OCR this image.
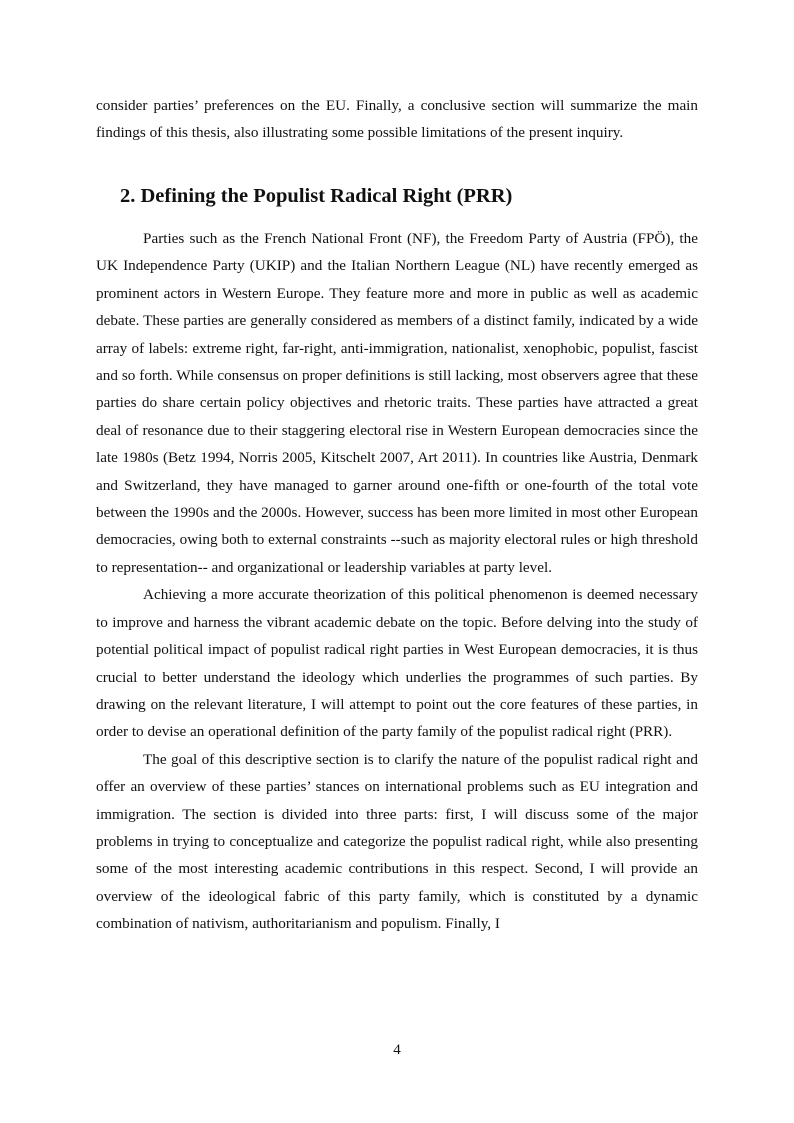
consider parties’ preferences on the EU. Finally, a conclusive section will summarize the main findings of this thesis, also illustrating some possible limitations of the present inquiry.

2. Defining the Populist Radical Right (PRR)

Parties such as the French National Front (NF), the Freedom Party of Austria (FPÖ), the UK Independence Party (UKIP) and the Italian Northern League (NL) have recently emerged as prominent actors in Western Europe. They feature more and more in public as well as academic debate. These parties are generally considered as members of a distinct family, indicated by a wide array of labels: extreme right, far-right, anti-immigration, nationalist, xenophobic, populist, fascist and so forth. While consensus on proper definitions is still lacking, most observers agree that these parties do share certain policy objectives and rhetoric traits. These parties have attracted a great deal of resonance due to their staggering electoral rise in Western European democracies since the late 1980s (Betz 1994, Norris 2005, Kitschelt 2007, Art 2011). In countries like Austria, Denmark and Switzerland, they have managed to garner around one-fifth or one-fourth of the total vote between the 1990s and the 2000s. However, success has been more limited in most other European democracies, owing both to external constraints --such as majority electoral rules or high threshold to representation-- and organizational or leadership variables at party level.

Achieving a more accurate theorization of this political phenomenon is deemed necessary to improve and harness the vibrant academic debate on the topic. Before delving into the study of potential political impact of populist radical right parties in West European democracies, it is thus crucial to better understand the ideology which underlies the programmes of such parties. By drawing on the relevant literature, I will attempt to point out the core features of these parties, in order to devise an operational definition of the party family of the populist radical right (PRR).

The goal of this descriptive section is to clarify the nature of the populist radical right and offer an overview of these parties’ stances on international problems such as EU integration and immigration. The section is divided into three parts: first, I will discuss some of the major problems in trying to conceptualize and categorize the populist radical right, while also presenting some of the most interesting academic contributions in this respect. Second, I will provide an overview of the ideological fabric of this party family, which is constituted by a dynamic combination of nativism, authoritarianism and populism. Finally, I

4
